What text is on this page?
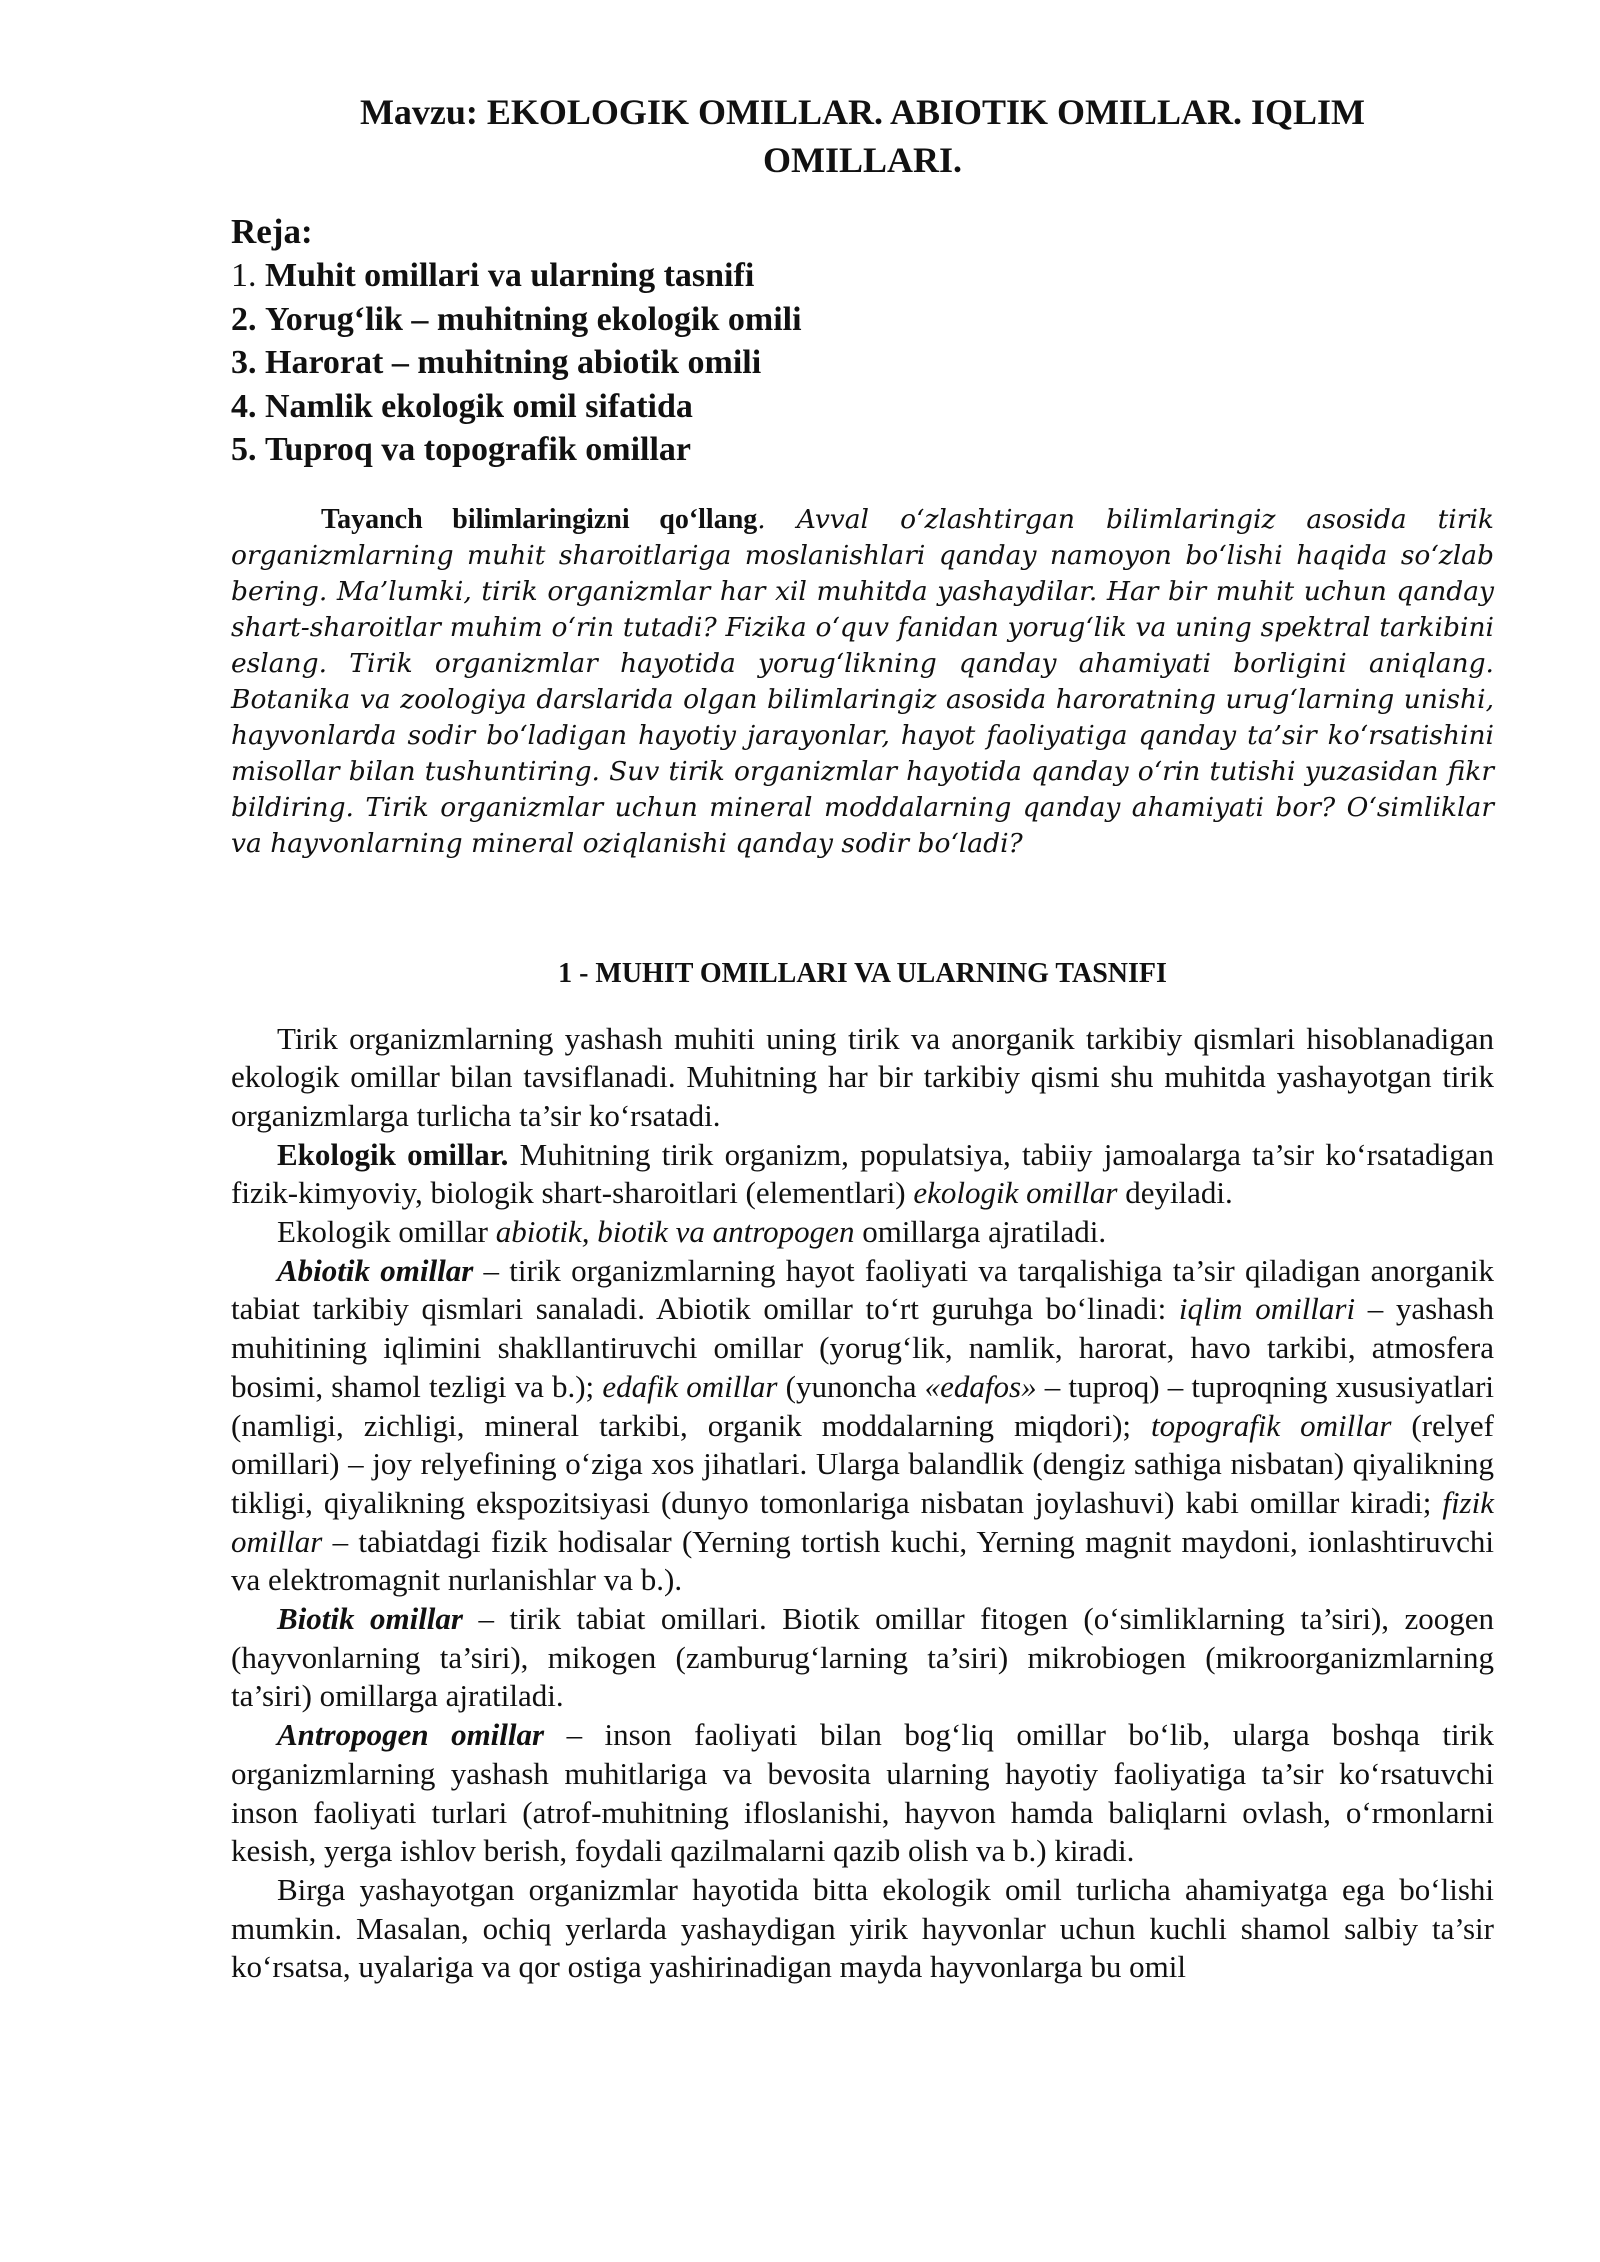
Mavzu: EKOLOGIK OMILLAR. ABIOTIK OMILLAR. IQLIM
OMILLARI.
Reja:
1. Muhit omillari va ularning tasnifi
2. Yorug‘lik – muhitning ekologik omili
3. Harorat – muhitning abiotik omili
4. Namlik ekologik omil sifatida
5. Tuproq va topografik omillar

Tayanch bilimlaringizni qo‘llang. Avval o‘zlashtirgan bilimlaringiz asosida tirik organizmlarning muhit sharoitlariga moslanishlari qanday namoyon bo‘lishi haqida so‘zlab bering. Ma’lumki, tirik organizmlar har xil muhitda yashaydilar. Har bir muhit uchun qanday shart-sharoitlar muhim o‘rin tutadi? Fizika o‘quv fanidan yorug‘lik va uning spektral tarkibini eslang. Tirik organizmlar hayotida yorug‘likning qanday ahamiyati borligini aniqlang. Botanika va zoologiya darslarida olgan bilimlaringiz asosida haroratning urug‘larning unishi, hayvonlarda sodir bo‘ladigan hayotiy jarayonlar, hayot faoliyatiga qanday ta’sir ko‘rsatishini misollar bilan tushuntiring. Suv tirik organizmlar hayotida qanday o‘rin tutishi yuzasidan fikr bildiring. Tirik organizmlar uchun mineral moddalarning qanday ahamiyati bor? O‘simliklar va hayvonlarning mineral oziqlanishi qanday sodir bo‘ladi?

1 - MUHIT OMILLARI VA ULARNING TASNIFI

Tirik organizmlarning yashash muhiti uning tirik va anorganik tarkibiy qismlari hisoblanadigan ekologik omillar bilan tavsiflanadi. Muhitning har bir tarkibiy qismi shu muhitda yashayotgan tirik organizmlarga turlicha ta’sir ko‘rsatadi.

Ekologik omillar. Muhitning tirik organizm, populatsiya, tabiiy jamoalarga ta’sir ko‘rsatadigan fizik-kimyoviy, biologik shart-sharoitlari (elementlari) ekologik omillar deyiladi.

Ekologik omillar abiotik, biotik va antropogen omillarga ajratiladi.

Abiotik omillar – tirik organizmlarning hayot faoliyati va tarqalishiga ta’sir qiladigan anorganik tabiat tarkibiy qismlari sanaladi. Abiotik omillar to‘rt guruhga bo‘linadi: iqlim omillari – yashash muhitining iqlimini shakllantiruvchi omillar (yorug‘lik, namlik, harorat, havo tarkibi, atmosfera bosimi, shamol tezligi va b.); edafik omillar (yunoncha «edafos» – tuproq) – tuproqning xususiyatlari (namligi, zichligi, mineral tarkibi, organik moddalarning miqdori); topografik omillar (relyef omillari) – joy relyefining o‘ziga xos jihatlari. Ularga balandlik (dengiz sathiga nisbatan) qiyalikning tikligi, qiyalikning ekspozitsiyasi (dunyo tomonlariga nisbatan joylashuvi) kabi omillar kiradi; fizik omillar – tabiatdagi fizik hodisalar (Yerning tortish kuchi, Yerning magnit maydoni, ionlashtiruvchi va elektromagnit nurlanishlar va b.).

Biotik omillar – tirik tabiat omillari. Biotik omillar fitogen (o‘simliklarning ta’siri), zoogen (hayvonlarning ta’siri), mikogen (zamburug‘larning ta’siri) mikrobiogen (mikroorganizmlarning ta’siri) omillarga ajratiladi.

Antropogen omillar – inson faoliyati bilan bog‘liq omillar bo‘lib, ularga boshqa tirik organizmlarning yashash muhitlariga va bevosita ularning hayotiy faoliyatiga ta’sir ko‘rsatuvchi inson faoliyati turlari (atrof-muhitning ifloslanishi, hayvon hamda baliqlarni ovlash, o‘rmonlarni kesish, yerga ishlov berish, foydali qazilmalarni qazib olish va b.) kiradi.

Birga yashayotgan organizmlar hayotida bitta ekologik omil turlicha ahamiyatga ega bo‘lishi mumkin. Masalan, ochiq yerlarda yashaydigan yirik hayvonlar uchun kuchli shamol salbiy ta’sir ko‘rsatsa, uyalariga va qor ostiga yashirinadigan mayda hayvonlarga bu omil
